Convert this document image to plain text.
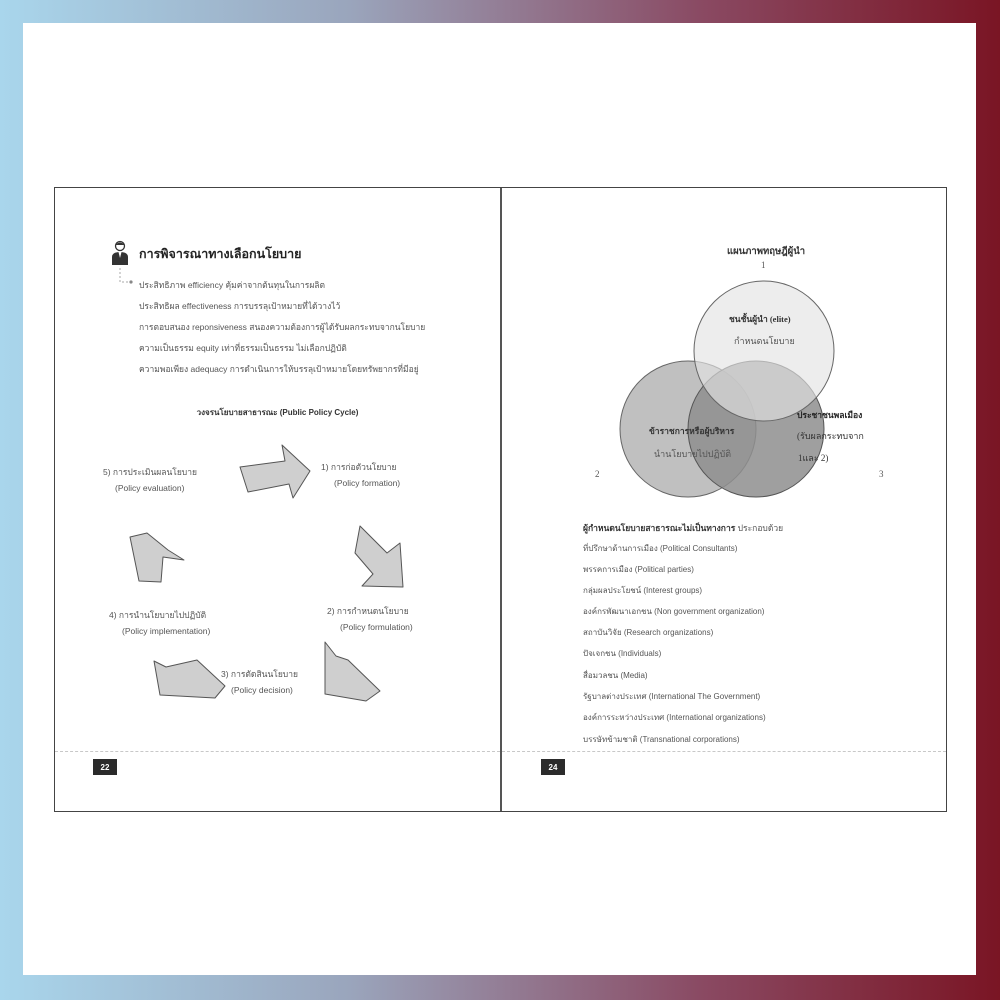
การพิจารณาทางเลือกนโยบาย
ประสิทธิภาพ efficiency คุ้มค่าจากต้นทุนในการผลิต
ประสิทธิผล effectiveness การบรรลุเป้าหมายที่ได้วางไว้
การตอบสนอง reponsiveness สนองความต้องการผู้ได้รับผลกระทบจากนโยบาย
ความเป็นธรรม equity เท่าที่ธรรมเป็นธรรม ไม่เลือกปฏิบัติ
ความพอเพียง adequacy การดำเนินการให้บรรลุเป้าหมายโดยทรัพยากรที่มีอยู่
วงจรนโยบายสาธารณะ (Public Policy Cycle)
1) การก่อตัวนโยบาย
(Policy formation)
2) การกำหนดนโยบาย
(Policy formulation)
3) การตัดสินนโยบาย
(Policy decision)
4) การนำนโยบายไปปฏิบัติ
(Policy implementation)
5) การประเมินผลนโยบาย
(Policy evaluation)
22
แผนภาพทฤษฎีผู้นำ
1
2	3
ชนชั้นผู้นำ (elite)
กำหนดนโยบาย
ข้าราชการหรือผู้บริหาร
นำนโยบายไปปฏิบัติ
ประชาชนพลเมือง
(รับผลกระทบจาก
1และ 2)
ผู้กำหนดนโยบายสาธารณะไม่เป็นทางการ ประกอบด้วย
ที่ปรึกษาด้านการเมือง (Political Consultants)
พรรคการเมือง (Political parties)
กลุ่มผลประโยชน์ (Interest groups)
องค์กรพัฒนาเอกชน (Non government organization)
สถาบันวิจัย (Research organizations)
ปัจเจกชน (Individuals)
สื่อมวลชน (Media)
รัฐบาลต่างประเทศ (International The Government)
องค์การระหว่างประเทศ (International organizations)
บรรษัทข้ามชาติ (Transnational corporations)
24
